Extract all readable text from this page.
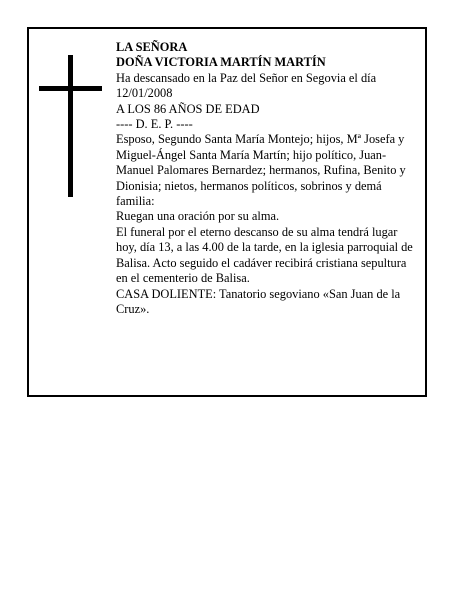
LA SEÑORA

DOÑA VICTORIA MARTÍN MARTÍN

Ha descansado en la Paz del Señor en Segovia el día 12/01/2008

A LOS 86 AÑOS DE EDAD

---- D. E. P. ----

Esposo, Segundo Santa María Montejo; hijos, Mª Josefa y Miguel-Ángel Santa María Martín; hijo político, Juan-Manuel Palomares Bernardez; hermanos, Rufina, Benito y Dionisia; nietos, hermanos políticos, sobrinos y demá familia:

Ruegan una oración por su alma.

El funeral por el eterno descanso de su alma tendrá lugar hoy, día 13, a las 4.00 de la tarde, en la iglesia parroquial de Balisa. Acto seguido el cadáver recibirá cristiana sepultura en el cementerio de Balisa.

CASA DOLIENTE: Tanatorio segoviano «San Juan de la Cruz».
